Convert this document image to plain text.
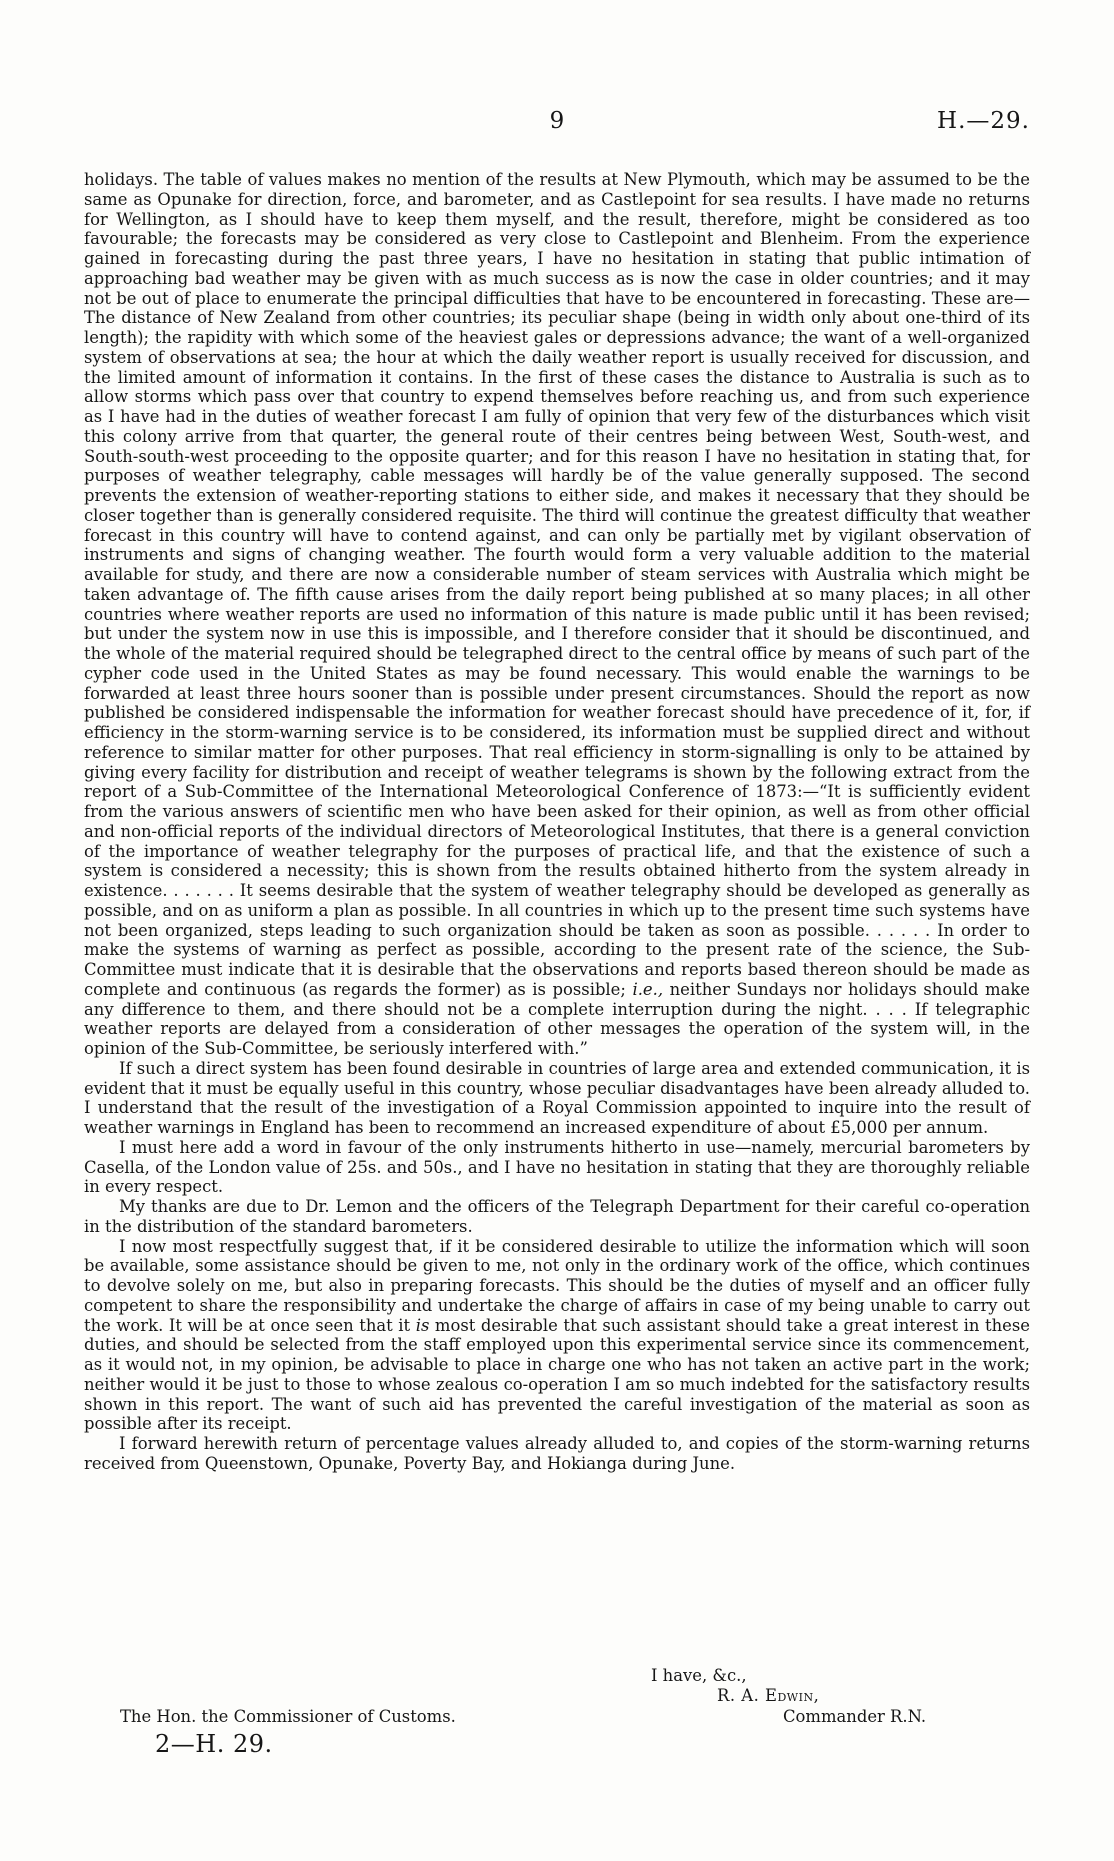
9	H.—29.

holidays. The table of values makes no mention of the results at New Plymouth, which may be assumed to be the same as Opunake for direction, force, and barometer, and as Castlepoint for sea results. I have made no returns for Wellington, as I should have to keep them myself, and the result, therefore, might be considered as too favourable; the forecasts may be considered as very close to Castlepoint and Blenheim. From the experience gained in forecasting during the past three years, I have no hesitation in stating that public intimation of approaching bad weather may be given with as much success as is now the case in older countries; and it may not be out of place to enumerate the principal difficulties that have to be encountered in forecasting. These are—The distance of New Zealand from other countries; its peculiar shape (being in width only about one-third of its length); the rapidity with which some of the heaviest gales or depressions advance; the want of a well-organized system of observations at sea; the hour at which the daily weather report is usually received for discussion, and the limited amount of information it contains. In the first of these cases the distance to Australia is such as to allow storms which pass over that country to expend themselves before reaching us, and from such experience as I have had in the duties of weather forecast I am fully of opinion that very few of the disturbances which visit this colony arrive from that quarter, the general route of their centres being between West, South-west, and South-south-west proceeding to the opposite quarter; and for this reason I have no hesitation in stating that, for purposes of weather telegraphy, cable messages will hardly be of the value generally supposed. The second prevents the extension of weather-reporting stations to either side, and makes it necessary that they should be closer together than is generally considered requisite. The third will continue the greatest difficulty that weather forecast in this country will have to contend against, and can only be partially met by vigilant observation of instruments and signs of changing weather. The fourth would form a very valuable addition to the material available for study, and there are now a considerable number of steam services with Australia which might be taken advantage of. The fifth cause arises from the daily report being published at so many places; in all other countries where weather reports are used no information of this nature is made public until it has been revised; but under the system now in use this is impossible, and I therefore consider that it should be discontinued, and the whole of the material required should be telegraphed direct to the central office by means of such part of the cypher code used in the United States as may be found necessary. This would enable the warnings to be forwarded at least three hours sooner than is possible under present circumstances. Should the report as now published be considered indispensable the information for weather forecast should have precedence of it, for, if efficiency in the storm-warning service is to be considered, its information must be supplied direct and without reference to similar matter for other purposes. That real efficiency in storm-signalling is only to be attained by giving every facility for distribution and receipt of weather telegrams is shown by the following extract from the report of a Sub-Committee of the International Meteorological Conference of 1873:—“It is sufficiently evident from the various answers of scientific men who have been asked for their opinion, as well as from other official and non-official reports of the individual directors of Meteorological Institutes, that there is a general conviction of the importance of weather telegraphy for the purposes of practical life, and that the existence of such a system is considered a necessity; this is shown from the results obtained hitherto from the system already in existence. . . . . . . It seems desirable that the system of weather telegraphy should be developed as generally as possible, and on as uniform a plan as possible. In all countries in which up to the present time such systems have not been organized, steps leading to such organization should be taken as soon as possible. . . . . . In order to make the systems of warning as perfect as possible, according to the present rate of the science, the Sub-Committee must indicate that it is desirable that the observations and reports based thereon should be made as complete and continuous (as regards the former) as is possible; i.e., neither Sundays nor holidays should make any difference to them, and there should not be a complete interruption during the night. . . . If telegraphic weather reports are delayed from a consideration of other messages the operation of the system will, in the opinion of the Sub-Committee, be seriously interfered with.”

If such a direct system has been found desirable in countries of large area and extended communication, it is evident that it must be equally useful in this country, whose peculiar disadvantages have been already alluded to. I understand that the result of the investigation of a Royal Commission appointed to inquire into the result of weather warnings in England has been to recommend an increased expenditure of about £5,000 per annum.

I must here add a word in favour of the only instruments hitherto in use—namely, mercurial barometers by Casella, of the London value of 25s. and 50s., and I have no hesitation in stating that they are thoroughly reliable in every respect.

My thanks are due to Dr. Lemon and the officers of the Telegraph Department for their careful co-operation in the distribution of the standard barometers.

I now most respectfully suggest that, if it be considered desirable to utilize the information which will soon be available, some assistance should be given to me, not only in the ordinary work of the office, which continues to devolve solely on me, but also in preparing forecasts. This should be the duties of myself and an officer fully competent to share the responsibility and undertake the charge of affairs in case of my being unable to carry out the work. It will be at once seen that it is most desirable that such assistant should take a great interest in these duties, and should be selected from the staff employed upon this experimental service since its commencement, as it would not, in my opinion, be advisable to place in charge one who has not taken an active part in the work; neither would it be just to those to whose zealous co-operation I am so much indebted for the satisfactory results shown in this report. The want of such aid has prevented the careful investigation of the material as soon as possible after its receipt.

I forward herewith return of percentage values already alluded to, and copies of the storm-warning returns received from Queenstown, Opunake, Poverty Bay, and Hokianga during June.

I have, &c.,
R. A. Edwin,
The Hon. the Commissioner of Customs.	Commander R.N.
2—H. 29.
